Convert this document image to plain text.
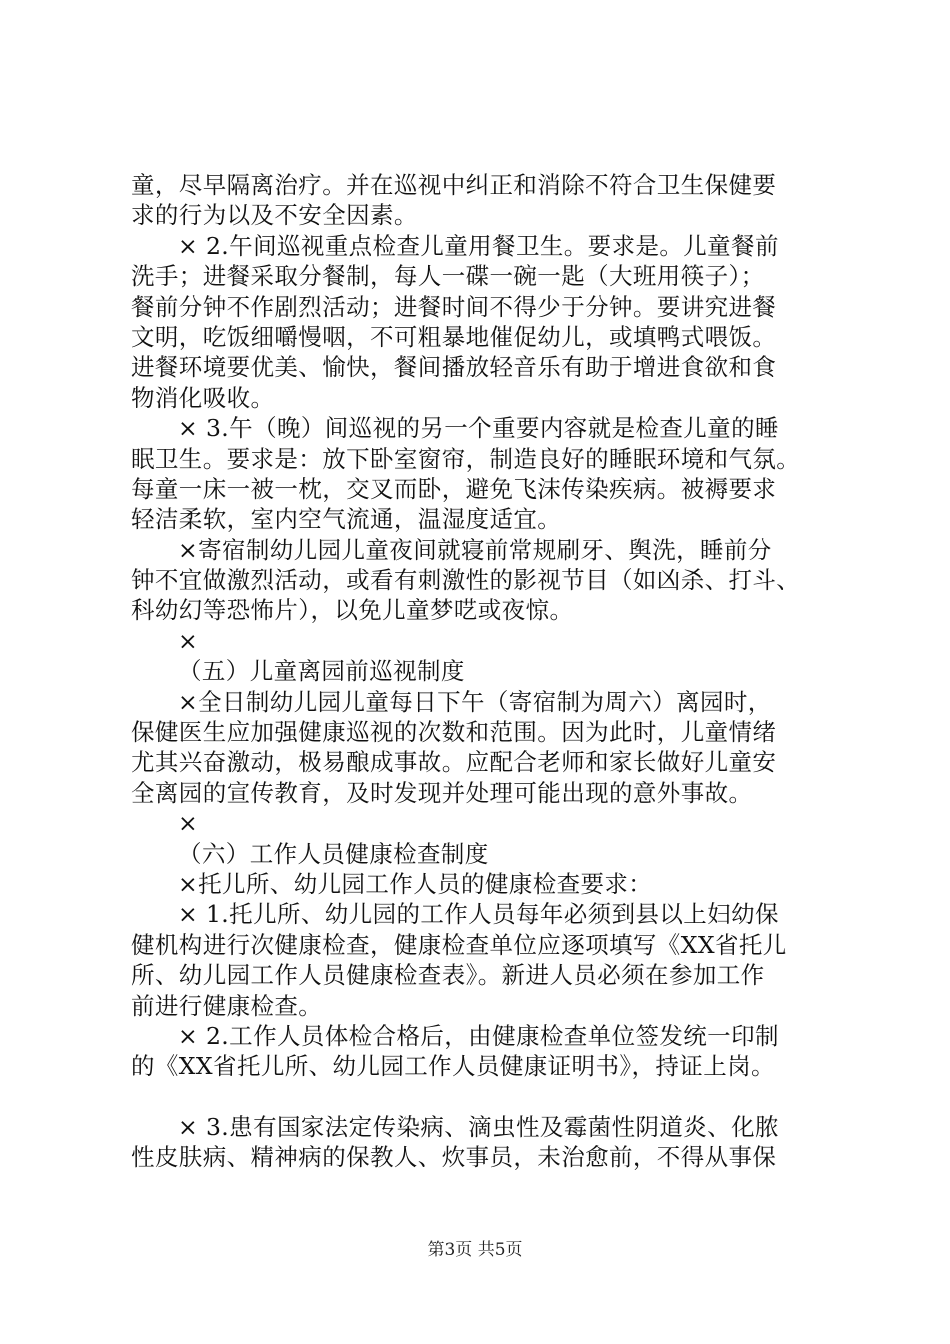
童，尽早隔离治疗。并在巡视中纠正和消除不符合卫生保健要
求的行为以及不安全因素。
× 2.午间巡视重点检查儿童用餐卫生。要求是。儿童餐前
洗手；进餐采取分餐制，每人一碟一碗一匙（大班用筷子）；
餐前分钟不作剧烈活动；进餐时间不得少于分钟。要讲究进餐
文明，吃饭细嚼慢咽，不可粗暴地催促幼儿，或填鸭式喂饭。
进餐环境要优美、愉快，餐间播放轻音乐有助于增进食欲和食
物消化吸收。
× 3.午（晚）间巡视的另一个重要内容就是检查儿童的睡
眠卫生。要求是：放下卧室窗帘，制造良好的睡眠环境和气氛。
每童一床一被一枕，交叉而卧，避免飞沫传染疾病。被褥要求
轻洁柔软，室内空气流通，温湿度适宜。
×寄宿制幼儿园儿童夜间就寝前常规刷牙、舆洗，睡前分
钟不宜做激烈活动，或看有刺激性的影视节目（如凶杀、打斗、
科幼幻等恐怖片），以免儿童梦呓或夜惊。
×
（五）儿童离园前巡视制度
×全日制幼儿园儿童每日下午（寄宿制为周六）离园时，
保健医生应加强健康巡视的次数和范围。因为此时，儿童情绪
尤其兴奋激动，极易酿成事故。应配合老师和家长做好儿童安
全离园的宣传教育，及时发现并处理可能出现的意外事故。
×
（六）工作人员健康检查制度
×托儿所、幼儿园工作人员的健康检查要求：
× 1.托儿所、幼儿园的工作人员每年必须到县以上妇幼保
健机构进行次健康检查，健康检查单位应逐项填写《XX省托儿
所、幼儿园工作人员健康检查表》。新进人员必须在参加工作
前进行健康检查。
× 2.工作人员体检合格后，由健康检查单位签发统一印制
的《XX省托儿所、幼儿园工作人员健康证明书》，持证上岗。
× 3.患有国家法定传染病、滴虫性及霉菌性阴道炎、化脓
性皮肤病、精神病的保教人、炊事员，未治愈前，不得从事保
第3页 共5页
